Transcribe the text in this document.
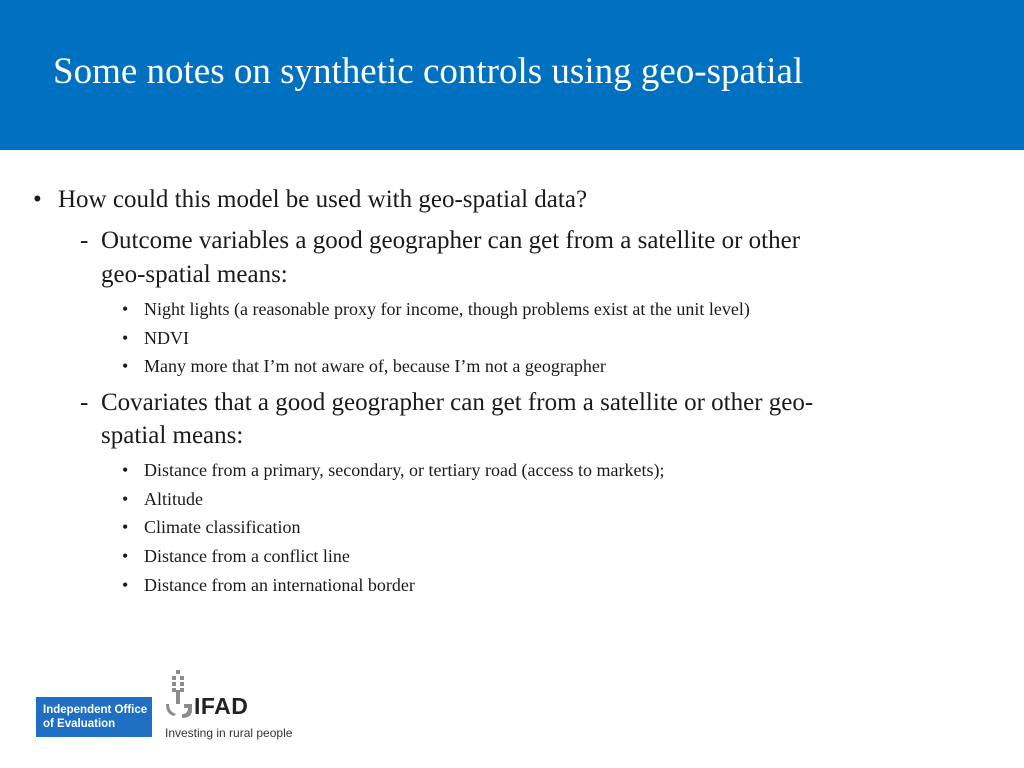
Some notes on synthetic controls using geo-spatial
• How could this model be used with geo-spatial data?
- Outcome variables a good geographer can get from a satellite or other
geo-spatial means:
• Night lights (a reasonable proxy for income, though problems exist at the unit level)
• NDVI
• Many more that I’m not aware of, because I’m not a geographer
- Covariates that a good geographer can get from a satellite or other geo-
spatial means:
• Distance from a primary, secondary, or tertiary road (access to markets);
• Altitude
• Climate classification
• Distance from a conflict line
• Distance from an international border
Independent Office
of Evaluation
IFAD
Investing in rural people
